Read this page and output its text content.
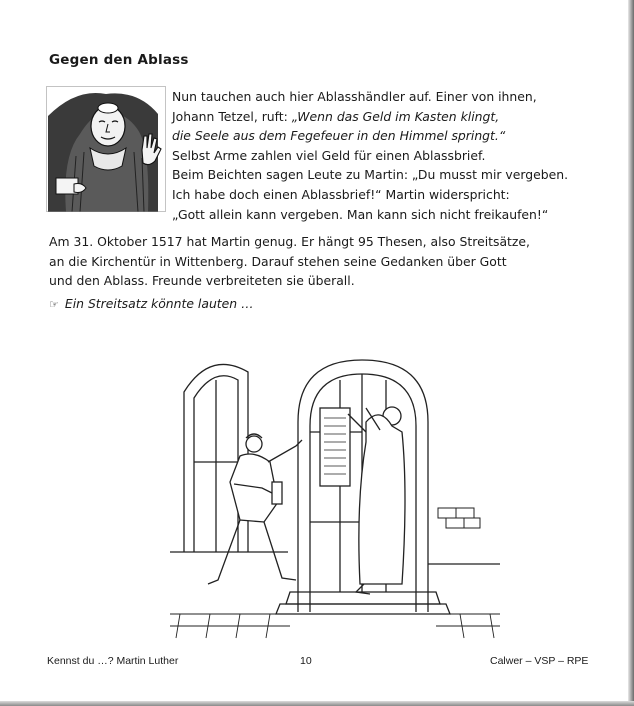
Gegen den Ablass
Nun tauchen auch hier Ablasshändler auf. Einer von ihnen,
Johann Tetzel, ruft: „Wenn das Geld im Kasten klingt,
die Seele aus dem Fegefeuer in den Himmel springt.“
Selbst Arme zahlen viel Geld für einen Ablassbrief.
Beim Beichten sagen Leute zu Martin: „Du musst mir vergeben.
Ich habe doch einen Ablassbrief!“ Martin widerspricht:
„Gott allein kann vergeben. Man kann sich nicht freikaufen!“
Am 31. Oktober 1517 hat Martin genug. Er hängt 95 Thesen, also Streitsätze,
an die Kirchentür in Wittenberg. Darauf stehen seine Gedanken über Gott
und den Ablass. Freunde verbreiteten sie überall.
☞ Ein Streitsatz könnte lauten …
Kennst du …? Martin Luther	10	Calwer – VSP – RPE
